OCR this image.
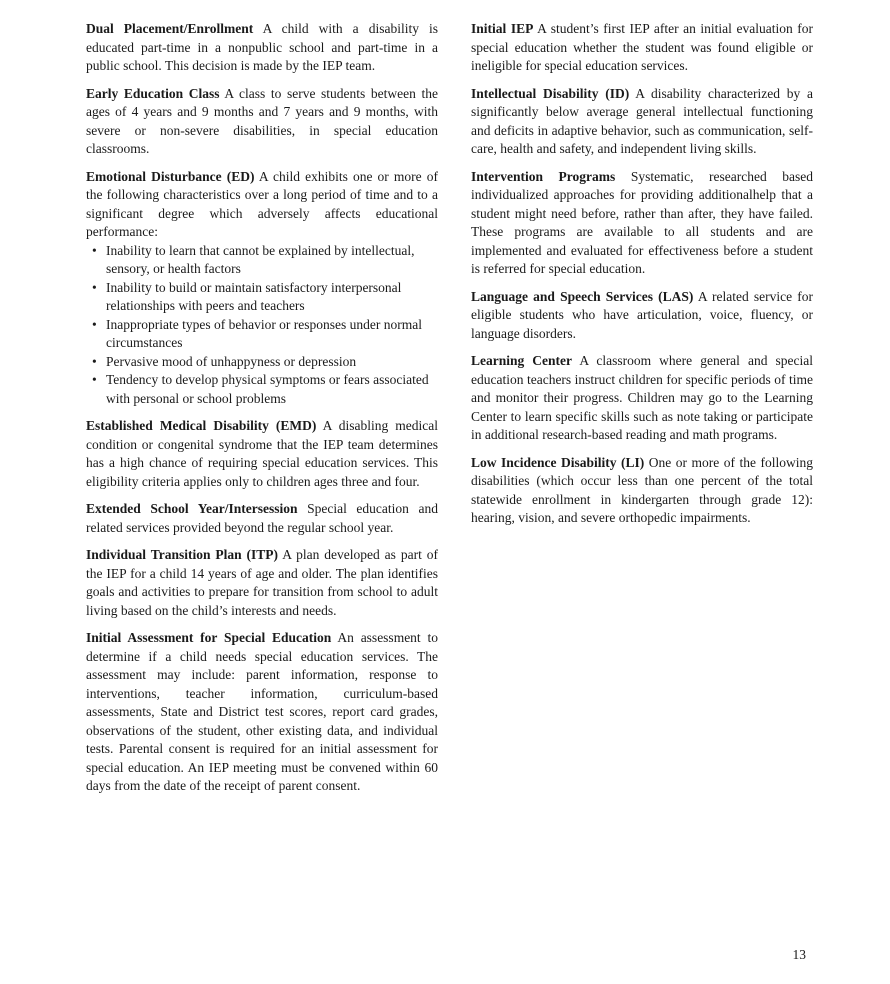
Dual Placement/Enrollment A child with a disability is educated part-time in a nonpublic school and part-time in a public school. This decision is made by the IEP team.

Early Education Class A class to serve students between the ages of 4 years and 9 months and 7 years and 9 months, with severe or non-severe disabilities, in special education classrooms.

Emotional Disturbance (ED) A child exhibits one or more of the following characteristics over a long period of time and to a significant degree which adversely affects educational performance:
• Inability to learn that cannot be explained by intellectual, sensory, or health factors
• Inability to build or maintain satisfactory interpersonal relationships with peers and teachers
• Inappropriate types of behavior or responses under normal circumstances
• Pervasive mood of unhappyness or depression
• Tendency to develop physical symptoms or fears associated with personal or school problems

Established Medical Disability (EMD) A disabling medical condition or congenital syndrome that the IEP team determines has a high chance of requiring special education services. This eligibility criteria applies only to children ages three and four.

Extended School Year/Intersession Special education and related services provided beyond the regular school year.

Individual Transition Plan (ITP) A plan developed as part of the IEP for a child 14 years of age and older. The plan identifies goals and activities to prepare for transition from school to adult living based on the child’s interests and needs.

Initial Assessment for Special Education An assessment to determine if a child needs special education services. The assessment may include: parent information, response to interventions, teacher information, curriculum-based assessments, State and District test scores, report card grades, observations of the student, other existing data, and individual tests. Parental consent is required for an initial assessment for special education. An IEP meeting must be convened within 60 days from the date of the receipt of parent consent.

Initial IEP A student’s first IEP after an initial evaluation for special education whether the student was found eligible or ineligible for special education services.

Intellectual Disability (ID) A disability characterized by a significantly below average general intellectual functioning and deficits in adaptive behavior, such as communication, self-care, health and safety, and independent living skills.

Intervention Programs Systematic, researched based individualized approaches for providing additionalhelp that a student might need before, rather than after, they have failed. These programs are available to all students and are implemented and evaluated for effectiveness before a student is referred for special education.

Language and Speech Services (LAS) A related service for eligible students who have articulation, voice, fluency, or language disorders.

Learning Center A classroom where general and special education teachers instruct children for specific periods of time and monitor their progress. Children may go to the Learning Center to learn specific skills such as note taking or participate in additional research-based reading and math programs.

Low Incidence Disability (LI) One or more of the following disabilities (which occur less than one percent of the total statewide enrollment in kindergarten through grade 12): hearing, vision, and severe orthopedic impairments.

13
